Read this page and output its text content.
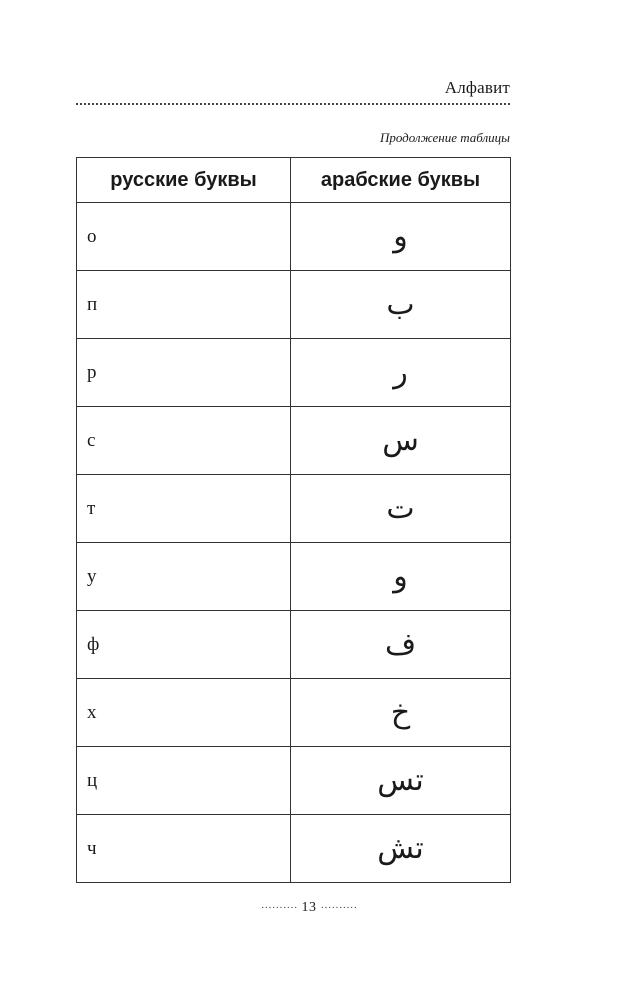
Алфавит
Продолжение таблицы
русские буквы	арабские буквы
о	و
п	ب
р	ر
с	س
т	ت
у	و
ф	ف
х	خ
ц	تس
ч	تش
·········· 13 ··········
